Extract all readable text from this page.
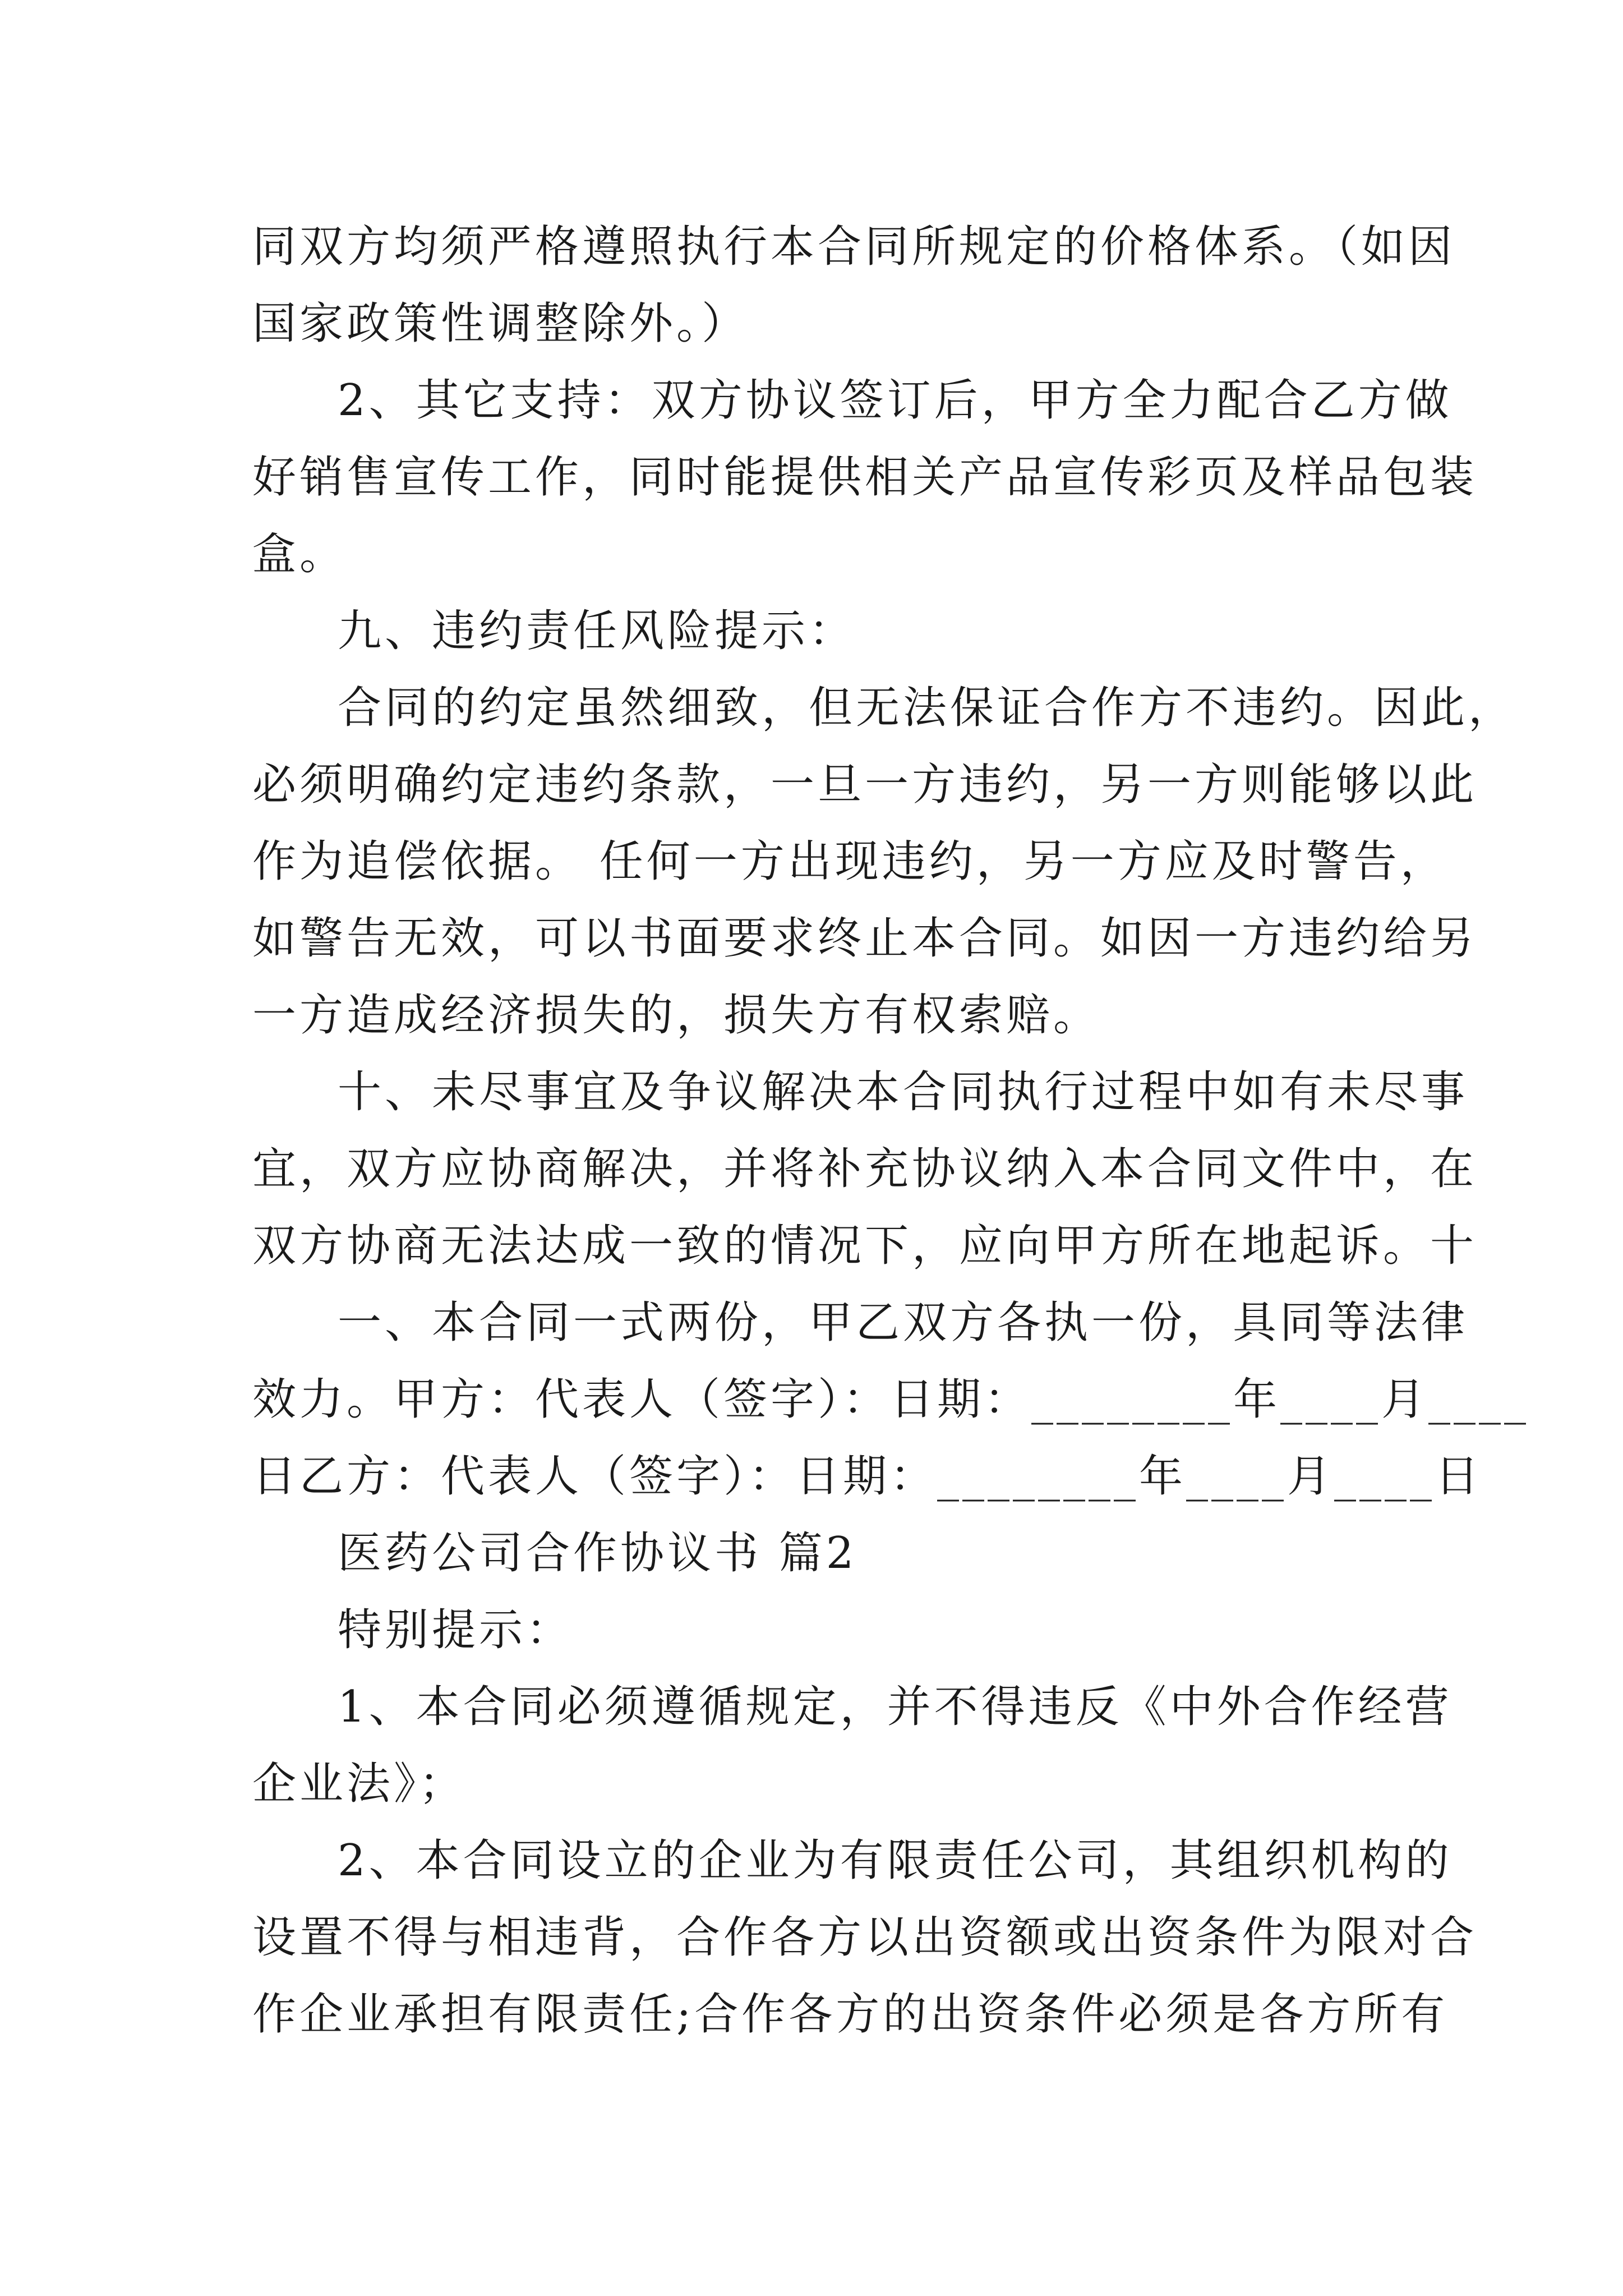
同双方均须严格遵照执行本合同所规定的价格体系。（如因
国家政策性调整除外。）
2、其它支持：双方协议签订后，甲方全力配合乙方做
好销售宣传工作，同时能提供相关产品宣传彩页及样品包装
盒。
九、违约责任风险提示：
合同的约定虽然细致，但无法保证合作方不违约。因此，
必须明确约定违约条款，一旦一方违约，另一方则能够以此
作为追偿依据。 任何一方出现违约，另一方应及时警告，
如警告无效，可以书面要求终止本合同。如因一方违约给另
一方造成经济损失的，损失方有权索赔。
十、未尽事宜及争议解决本合同执行过程中如有未尽事
宜，双方应协商解决，并将补充协议纳入本合同文件中，在
双方协商无法达成一致的情况下，应向甲方所在地起诉。十
一、本合同一式两份，甲乙双方各执一份，具同等法律
效力。甲方：代表人（签字）：日期：________年____月____
日乙方：代表人（签字）：日期：________年____月____日
医药公司合作协议书 篇2
特别提示：
1、本合同必须遵循规定，并不得违反《中外合作经营
企业法》；
2、本合同设立的企业为有限责任公司，其组织机构的
设置不得与相违背，合作各方以出资额或出资条件为限对合
作企业承担有限责任;合作各方的出资条件必须是各方所有
